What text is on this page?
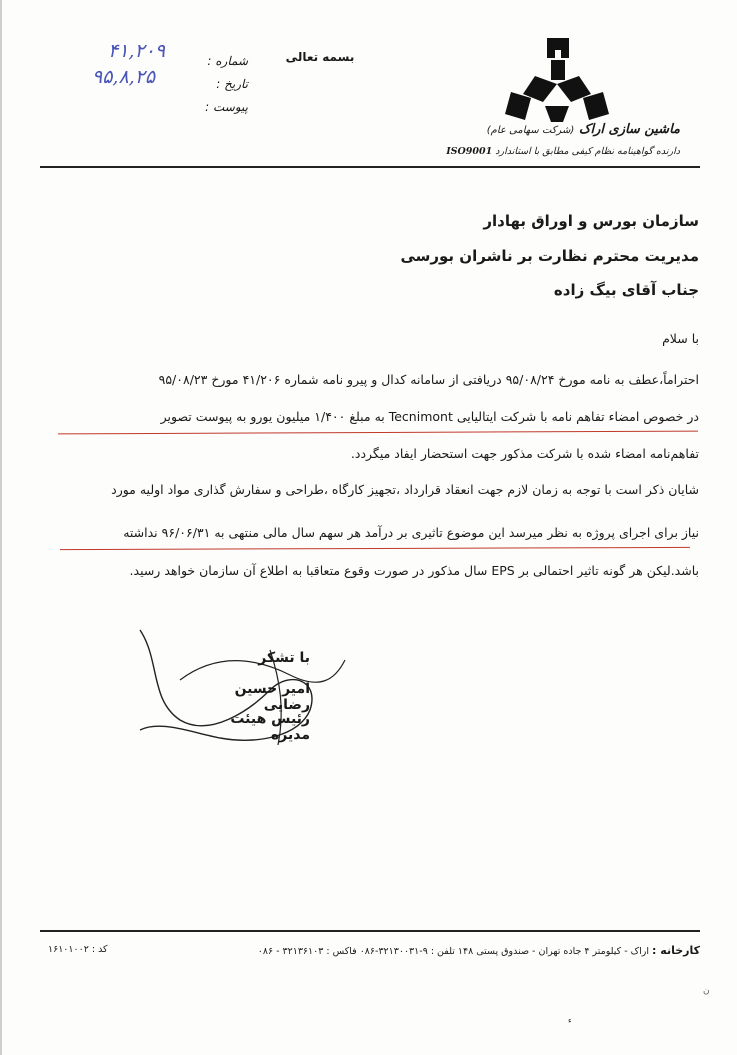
شماره :
تاریخ :
پیوست :
۴۱,۲۰۹
۹۵,۸,۲۵
بسمه تعالی
ماشین سازی اراک (شرکت سهامی عام)
دارنده گواهینامه نظام کیفی مطابق با استاندارد ISO9001
سازمان بورس و اوراق بهادار
مدیریت محترم نظارت بر ناشران بورسی
جناب آقای بیگ زاده
با سلام
احتراماً،عطف به نامه مورخ ۹۵/۰۸/۲۴ دریافتی از سامانه کدال و پیرو نامه شماره ۴۱/۲۰۶ مورخ ۹۵/۰۸/۲۳
در خصوص امضاء تفاهم نامه با شرکت ایتالیایی Tecnimont به مبلغ ۱/۴۰۰ میلیون یورو به پیوست تصویر
تفاهم‌نامه امضاء شده با شرکت مذکور جهت استحضار ایفاد میگردد.
شایان ذکر است با توجه به زمان لازم جهت انعقاد قرارداد ،تجهیز کارگاه ،طراحی و سفارش گذاری مواد اولیه مورد
نیاز برای اجرای پروژه به نظر میرسد این موضوع تاثیری بر درآمد هر سهم سال مالی منتهی به ۹۶/۰۶/۳۱ نداشته
باشد.لیکن هر گونه تاثیر احتمالی بر EPS سال مذکور در صورت وقوع متعاقبا به اطلاع آن سازمان خواهد رسید.
با تشکر
امیر حسین رضایی
رئیس هیئت مدیره
کارخانه : اراک - کیلومتر ۴ جاده تهران - صندوق پستی ۱۴۸ تلفن : ۹-۳۲۱۳۰۰۳۱-۰۸۶ فاکس : ۳۲۱۳۶۱۰۳ - ۰۸۶
کد : ۱۶۱۰۱۰۰۲
ن
ء
